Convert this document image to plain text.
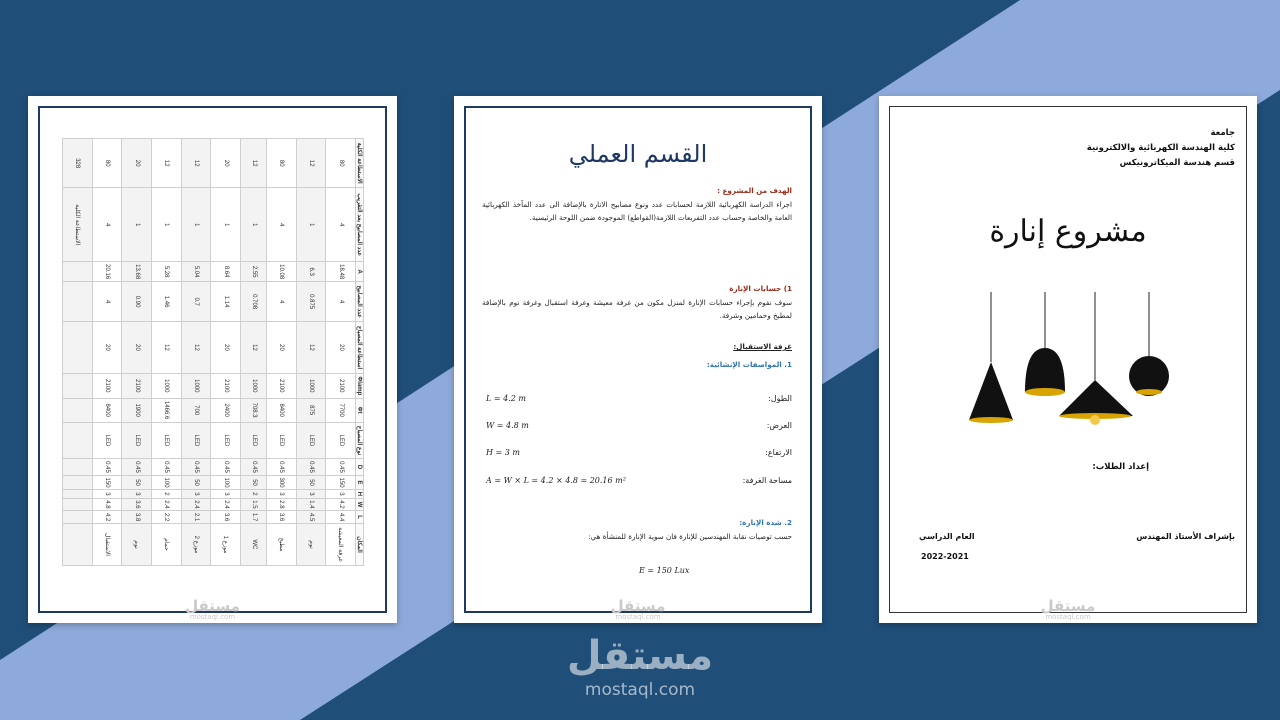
المكان	L	W	H	E	D	نوع المصباح	Φt	Φlamp	استطاعة المصباح	عدد المصابيح	A	عدد المصابيح بعد التقريب	الاستطاعة الكلية
غرفة المعيشة	4.4	4.2	3	150	0.45	LED	7700	2100	20	4	18.48	4	80
نوم	4.5	1.4	3	50	0.45	LED	875	1000	12	0.875	6.3	1	12
مطبخ	3.6	2.8	3	300	0.45	LED	8400	2100	20	4	10.08	4	80
WC	1.7	1.5	2	50	0.45	LED	708.3	1000	12	0.708	2.55	1	12
موزع 1	3.6	2.4	3	100	0.45	LED	2400	2100	20	1.14	8.64	1	20
موزع 2	2.1	2.4	3	50	0.45	LED	700	1000	12	0.7	5.04	1	12
حمام	2.2	2.4	2	100	0.45	LED	1466.6	1000	12	1.46	5.28	1	12
نوم	3.8	3.6	3	50	0.45	LED	1900	2100	20	0.90	13.68	1	20
الاستقبال	4.2	4.8	3	150	0.45	LED	8400	2100	20	4	20.16	4	80
												الاستطاعة الكلية	328
مستقل
mostaql.com
القسم العملي
الهدف من المشروع :
اجراء الدراسة الكهربائية اللازمة لحسابات عدد ونوع مصابيح الانارة بالإضافة الى عدد المآخذ الكهربائية العامة والخاصة وحساب عدد التفريعات اللازمة(القواطع) الموجودة ضمن اللوحة الرئيسية.
1) حسابات الإنارة
سوف نقوم بإجراء حسابات الإنارة لمنزل مكون من غرفة معيشة وغرفة استقبال وغرفة نوم بالإضافة لمطبخ وحمامين وشرفة.
غرفة الاستقبال:
1. المواصفات الإنشائية:
الطول:
L = 4.2 m
العرض:
W = 4.8 m
الارتفاع:
H = 3 m
مساحة الغرفة:
A = W × L = 4.2 × 4.8 = 20.16 m²
2. شدة الإنارة:
حسب توصيات نقابة المهندسين للإنارة فان سوية الإنارة للمنشأة هي:
E = 150 Lux
مستقل
mostaql.com
جامعة
كلية الهندسة الكهربائية والالكترونية
قسم هندسة الميكاترونيكس
مشروع إنارة
إعداد الطلاب:
بإشراف الأستاذ المهندس
العام الدراسي
2022-2021
مستقل
mostaql.com
مستقل
mostaql.com
